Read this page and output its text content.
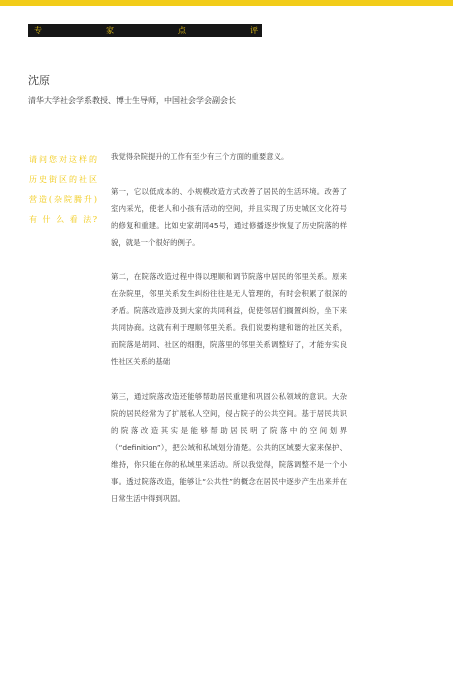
专	家	点	评
沈原
清华大学社会学系教授、博士生导师，中国社会学会副会长
请问您对这样的
历史街区的社区
营造(杂院腾升)
有 什 么 看 法?

我觉得杂院提升的工作有至少有三个方面的重要意义。

第一，它以低成本的、小规模改造方式改善了居民的生活环境。改善了室内采光，使老人和小孩有活动的空间，并且实现了历史城区文化符号的修复和重建。比如史家胡同45号，通过修播逐步恢复了历史院落的样貌，就是一个很好的例子。

第二，在院落改造过程中得以理顺和调节院落中居民的邻里关系。原来在杂院里，邻里关系发生纠纷往往是无人管理的，有时会积累了很深的矛盾。院落改造涉及到大家的共同利益，促使邻居们搁置纠纷，坐下来共同协商。这就有利于理顺邻里关系。我们说要构建和谐的社区关系，而院落是胡同、社区的细胞，院落里的邻里关系调整好了，才能夯实良性社区关系的基础

第三，通过院落改造还能够帮助居民重建和巩固公私领域的意识。大杂院的居民经常为了扩展私人空间，侵占院子的公共空间。基于居民共识的院落改造其实是能够帮助居民明了院落中的空间划界（“definition”），把公域和私域划分清楚。公共的区域要大家来保护、维持，你只能在你的私域里来活动。所以我觉得，院落调整不是一个小事。透过院落改造，能够让“公共性”的概念在居民中逐步产生出来并在日常生活中得到巩固。
